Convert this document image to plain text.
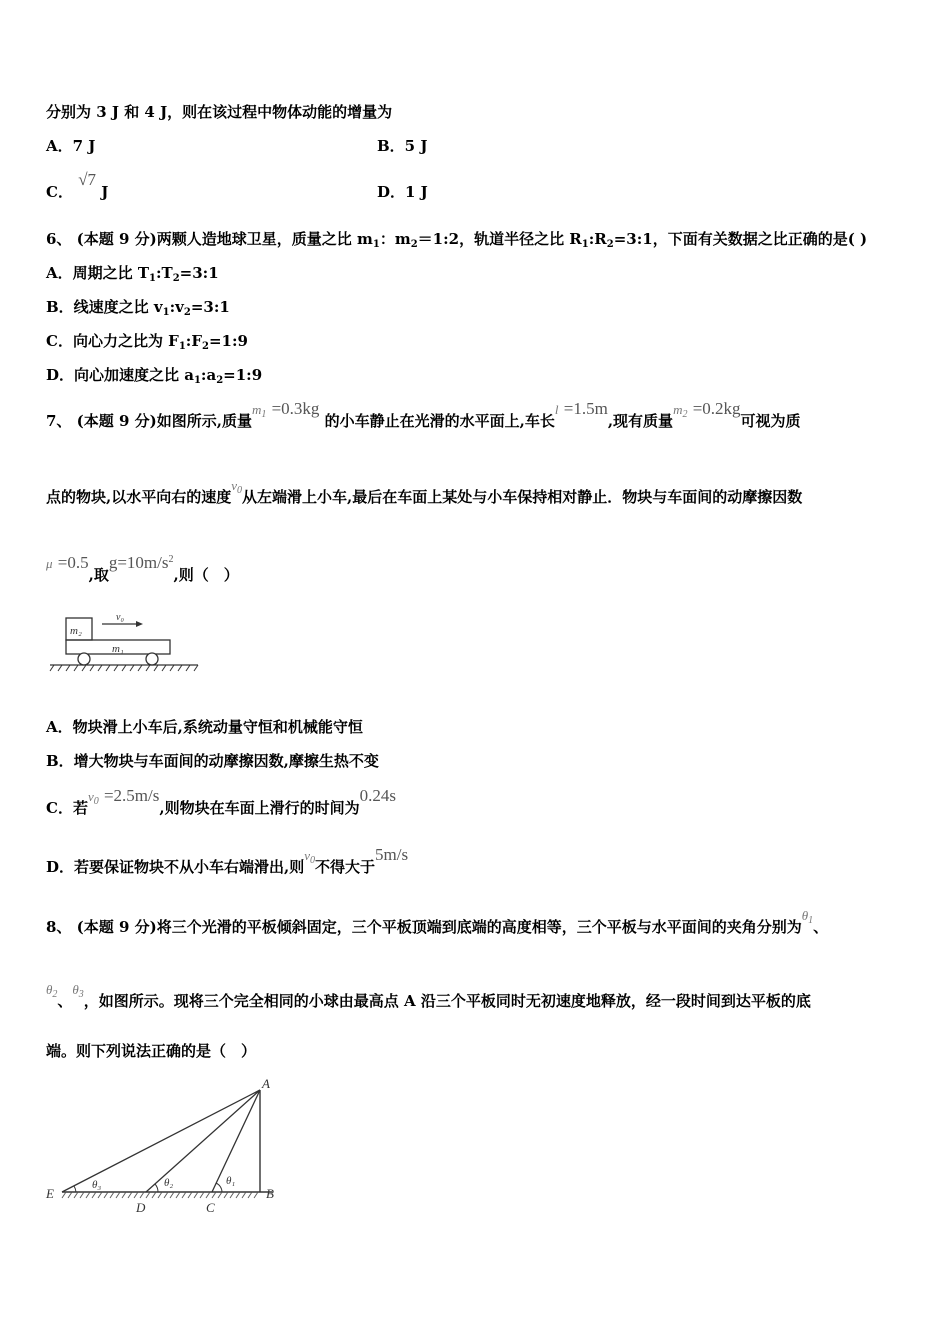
分别为 3 J 和 4 J，则在该过程中物体动能的增量为
A．7 J	B．5 J
C． √7 J	D．1 J
6、 (本题 9 分)两颗人造地球卫星，质量之比 $m_1$：$m_2=1:2$，轨道半径之比 $R_1:R_2=3:1$，下面有关数据之比正确的是( )
A．周期之比 $T_1:T_2=3:1$
B．线速度之比 $v_1:v_2=3:1$
C．向心力之比为 $F_1:F_2=1:9$
D．向心加速度之比 $a_1:a_2=1:9$
7、 (本题 9 分)如图所示,质量$m_1 =0.3kg$ 的小车静止在光滑的水平面上,车长l =1.5m,现有质量$m_2 =0.2kg$可视为质
点的物块,以水平向右的速度$v_0$从左端滑上小车,最后在车面上某处与小车保持相对静止．物块与车面间的动摩擦因数
μ =0.5,取$g=10m/s^2$,则（　）
m₂
v₀
m₁
A．物块滑上小车后,系统动量守恒和机械能守恒
B．增大物块与车面间的动摩擦因数,摩擦生热不变
C．若$v_0 =2.5m/s$,则物块在车面上滑行的时间为0.24s
D．若要保证物块不从小车右端滑出,则$v_0$不得大于5m/s
8、 (本题 9 分)将三个光滑的平板倾斜固定，三个平板顶端到底端的高度相等，三个平板与水平面间的夹角分别为$\theta_1$、
$\theta_2$、$\theta_3$，如图所示。现将三个完全相同的小球由最高点 A 沿三个平板同时无初速度地释放，经一段时间到达平板的底
端。则下列说法正确的是（　）
A
B
C
D
E
θ₃	θ₂	θ₁
